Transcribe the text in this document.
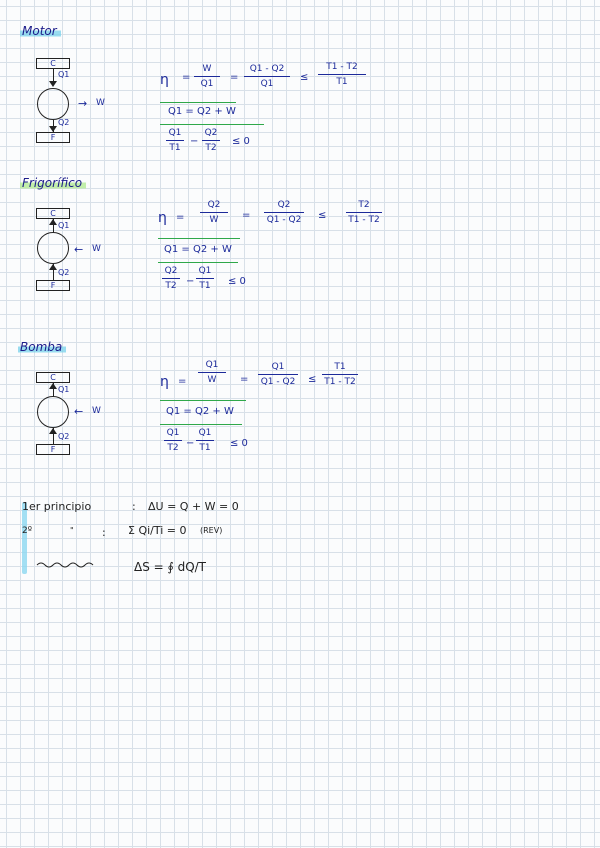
Motor
C
Q1
→ W
Q2
F
η =
W
Q1
=
Q1 - Q2
Q1
≤
T1 - T2
T1
Q1 = Q2 + W
Q1
T1
−
Q2
T2
≤ 0
Frigorífico
C
Q1
← W
Q2
F
η =
Q2
W	=
Q2
Q1 - Q2 ≤
T2
T1 - T2
Q1 = Q2 + W
Q2
T2 −
Q1
T1	≤ 0
Bomba
C
Q1
← W
Q2
F
η =
Q1
W	=
Q1
Q1 - Q2 ≤
T1
T1 - T2
Q1 = Q2 + W
Q1
T2 −
Q1
T1	≤ 0
1er principio	: ΔU = Q + W = 0
2º	"	: Σ Qi/Ti = 0 (REV)
ΔS = ∮ dQ/T
